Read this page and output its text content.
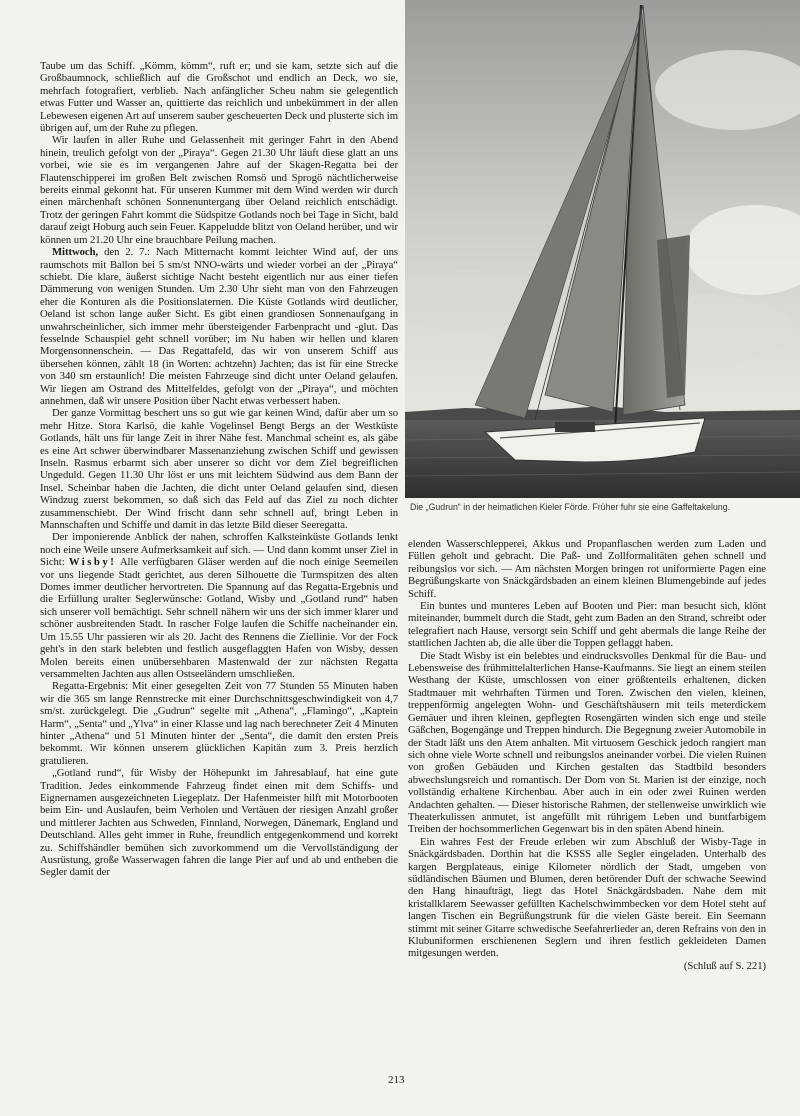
Taube um das Schiff. „Kömm, kömm“, ruft er; und sie kam, setzte sich auf die Großbaumnock, schließlich auf die Großschot und endlich an Deck, wo sie, mehrfach fotografiert, verblieb. Nach anfänglicher Scheu nahm sie gelegentlich etwas Futter und Wasser an, quittierte das reichlich und unbekümmert in der allen Lebewesen eigenen Art auf unserem sauber gescheuerten Deck und plusterte sich im übrigen auf, um der Ruhe zu pflegen.

Wir laufen in aller Ruhe und Gelassenheit mit geringer Fahrt in den Abend hinein, treulich gefolgt von der „Piraya“. Gegen 21.30 Uhr läuft diese glatt an uns vorbei, wie sie es im vergangenen Jahre auf der Skagen-Regatta bei der Flautenschipperei im großen Belt zwischen Romsö und Sprogö nächtlicherweise bereits einmal gekonnt hat. Für unseren Kummer mit dem Wind werden wir durch einen märchenhaft schönen Sonnenuntergang über Oeland reichlich entschädigt. Trotz der geringen Fahrt kommt die Südspitze Gotlands noch bei Tage in Sicht, bald darauf zeigt Hoburg auch sein Feuer. Kappeludde blitzt von Oeland herüber, und wir können um 21.20 Uhr eine brauchbare Peilung machen.

Mittwoch, den 2. 7.: Nach Mitternacht kommt leichter Wind auf, der uns raumschots mit Ballon bei 5 sm/st NNO-wärts und wieder vorbei an der „Piraya“ schiebt. Die klare, äußerst sichtige Nacht besteht eigentlich nur aus einer tiefen Dämmerung von wenigen Stunden. Um 2.30 Uhr sieht man von den Fahrzeugen eher die Konturen als die Positionslaternen. Die Küste Gotlands wird deutlicher, Oeland ist schon lange außer Sicht. Es gibt einen grandiosen Sonnenaufgang in unwahrscheinlicher, sich immer mehr übersteigender Farbenpracht und -glut. Das fesselnde Schauspiel geht schnell vorüber; im Nu haben wir hellen und klaren Morgensonnenschein. — Das Regattafeld, das wir von unserem Schiff aus übersehen können, zählt 18 (in Worten: achtzehn) Jachten; das ist für eine Strecke von 340 sm erstaunlich! Die meisten Fahrzeuge sind dicht unter Oeland gelaufen. Wir liegen am Ostrand des Mittelfeldes, gefolgt von der „Piraya“, und möchten annehmen, daß wir unsere Position über Nacht etwas verbessert haben.

Der ganze Vormittag beschert uns so gut wie gar keinen Wind, dafür aber um so mehr Hitze. Stora Karlsö, die kahle Vogelinsel Bengt Bergs an der Westküste Gotlands, hält uns für lange Zeit in ihrer Nähe fest. Manchmal scheint es, als gäbe es eine Art schwer überwindbarer Massenanziehung zwischen Schiff und gewissen Inseln. Rasmus erbarmt sich aber unserer so dicht vor dem Ziel begreiflichen Ungeduld. Gegen 11.30 Uhr löst er uns mit leichtem Südwind aus dem Bann der Insel. Scheinbar haben die Jachten, die dicht unter Oeland gelaufen sind, diesen Windzug zuerst bekommen, so daß sich das Feld auf das Ziel zu noch dichter zusammenschiebt. Der Wind frischt dann sehr schnell auf, bringt Leben in Mannschaften und Schiffe und damit in das letzte Bild dieser Seeregatta.

Der imponierende Anblick der nahen, schroffen Kalksteinküste Gotlands lenkt noch eine Weile unsere Aufmerksamkeit auf sich. — Und dann kommt unser Ziel in Sicht: Wisby! Alle verfügbaren Gläser werden auf die noch einige Seemeilen vor uns liegende Stadt gerichtet, aus deren Silhouette die Turmspitzen des alten Domes immer deutlicher hervortreten. Die Spannung auf das Regatta-Ergebnis und die Erfüllung uralter Seglerwünsche: Gotland, Wisby und „Gotland rund“ haben sich unserer voll bemächtigt. Sehr schnell nähern wir uns der sich immer klarer und schöner ausbreitenden Stadt. In rascher Folge laufen die Schiffe nacheinander ein. Um 15.55 Uhr passieren wir als 20. Jacht des Rennens die Ziellinie. Vor der Fock geht's in den stark belebten und festlich ausgeflaggten Hafen von Wisby, dessen Molen bereits einen unübersehbaren Mastenwald der zur nächsten Regatta versammelten Jachten aus allen Ostseeländern umschließen.

Regatta-Ergebnis: Mit einer gesegelten Zeit von 77 Stunden 55 Minuten haben wir die 365 sm lange Rennstrecke mit einer Durchschnittsgeschwindigkeit von 4,7 sm/st. zurückgelegt. Die „Gudrun“ segelte mit „Athena“, „Flamingo“, „Kaptein Harm“, „Senta“ und „Ylva“ in einer Klasse und lag nach berechneter Zeit 4 Minuten hinter „Athena“ und 51 Minuten hinter der „Senta“, die damit den ersten Preis bekommt. Wir können unserem glücklichen Kapitän zum 3. Preis herzlich gratulieren.

„Gotland rund“, für Wisby der Höhepunkt im Jahresablauf, hat eine gute Tradition. Jedes einkommende Fahrzeug findet einen mit dem Schiffs- und Eignernamen ausgezeichneten Liegeplatz. Der Hafenmeister hilft mit Motorbooten beim Ein- und Auslaufen, beim Verholen und Vertäuen der riesigen Anzahl großer und mittlerer Jachten aus Schweden, Finnland, Norwegen, Dänemark, England und Deutschland. Alles geht immer in Ruhe, freundlich entgegenkommend und korrekt zu. Schiffshändler bemühen sich zuvorkommend um die Vervollständigung der Ausrüstung, große Wasserwagen fahren die lange Pier auf und ab und entheben die Segler damit der

Die „Gudrun“ in der heimatlichen Kieler Förde. Früher fuhr sie eine Gaffeltakelung.

elenden Wasserschlepperei, Akkus und Propanflaschen werden zum Laden und Füllen geholt und gebracht. Die Paß- und Zollformalitäten gehen schnell und reibungslos vor sich. — Am nächsten Morgen bringen rot uniformierte Pagen eine Begrüßungskarte von Snäckgärdsbaden an einem kleinen Blumengebinde auf jedes Schiff.

Ein buntes und munteres Leben auf Booten und Pier: man besucht sich, klönt miteinander, bummelt durch die Stadt, geht zum Baden an den Strand, schreibt oder telegrafiert nach Hause, versorgt sein Schiff und geht abermals die lange Reihe der stattlichen Jachten ab, die alle über die Toppen geflaggt haben.

Die Stadt Wisby ist ein belebtes und eindrucksvolles Denkmal für die Bau- und Lebensweise des frühmittelalterlichen Hanse-Kaufmanns. Sie liegt an einem steilen Westhang der Küste, umschlossen von einer größtenteils erhaltenen, dicken Stadtmauer mit wehrhaften Türmen und Toren. Zwischen den vielen, kleinen, treppenförmig angelegten Wohn- und Geschäftshäusern mit teils meterdickem Gemäuer und ihren kleinen, gepflegten Rosengärten winden sich enge und steile Gäßchen, Bogengänge und Treppen hindurch. Die Begegnung zweier Automobile in der Stadt läßt uns den Atem anhalten. Mit virtuosem Geschick jedoch rangiert man sich ohne viele Worte schnell und reibungslos aneinander vorbei. Die vielen Ruinen von großen Gebäuden und Kirchen gestalten das Stadtbild besonders abwechslungsreich und romantisch. Der Dom von St. Marien ist der einzige, noch vollständig erhaltene Kirchenbau. Aber auch in ein oder zwei Ruinen werden Andachten gehalten. — Dieser historische Rahmen, der stellenweise unwirklich wie Theaterkulissen anmutet, ist angefüllt mit rührigem Leben und buntfarbigem Treiben der hochsommerlichen Gegenwart bis in den späten Abend hinein.

Ein wahres Fest der Freude erleben wir zum Abschluß der Wisby-Tage in Snäckgärdsbaden. Dorthin hat die KSSS alle Segler eingeladen. Unterhalb des kargen Bergplateaus, einige Kilometer nördlich der Stadt, umgeben von südländischen Bäumen und Blumen, deren betörender Duft der schwache Seewind den Hang hinaufträgt, liegt das Hotel Snäckgärdsbaden. Nahe dem mit kristallklarem Seewasser gefüllten Kachelschwimmbecken vor dem Hotel steht auf langen Tischen ein Begrüßungstrunk für die vielen Gäste bereit. Ein Seemann stimmt mit seiner Gitarre schwedische Seefahrerlieder an, deren Refrains von den in Klubuniformen erschienenen Seglern und ihren festlich gekleideten Damen mitgesungen werden.

(Schluß auf S. 221)
213
